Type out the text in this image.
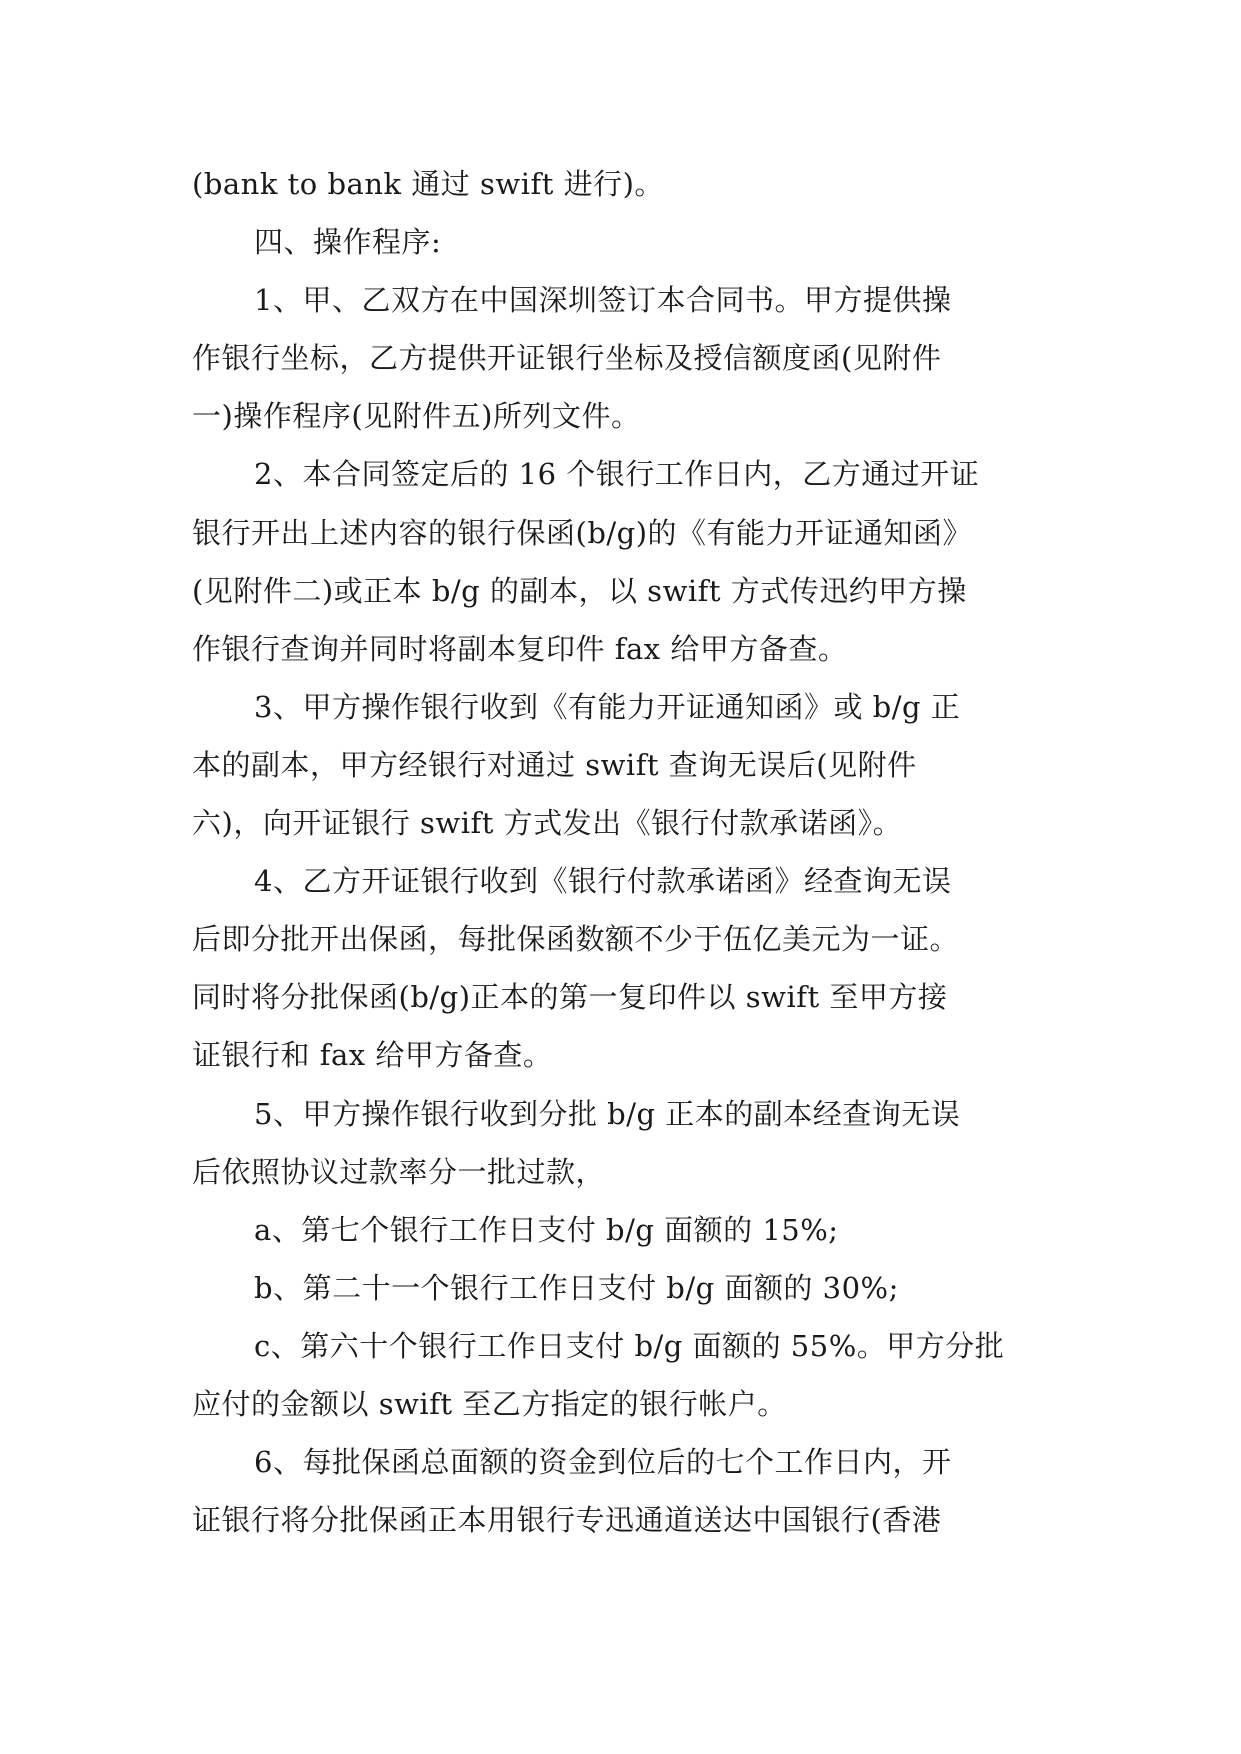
(bank to bank 通过 swift 进行)。
四、操作程序:
1、甲、乙双方在中国深圳签订本合同书。甲方提供操
作银行坐标，乙方提供开证银行坐标及授信额度函(见附件
一)操作程序(见附件五)所列文件。
2、本合同签定后的 16 个银行工作日内，乙方通过开证
银行开出上述内容的银行保函(b/g)的《有能力开证通知函》
(见附件二)或正本 b/g 的副本，以 swift 方式传迅约甲方操
作银行查询并同时将副本复印件 fax 给甲方备查。
3、甲方操作银行收到《有能力开证通知函》或 b/g 正
本的副本，甲方经银行对通过 swift 查询无误后(见附件
六)，向开证银行 swift 方式发出《银行付款承诺函》。
4、乙方开证银行收到《银行付款承诺函》经查询无误
后即分批开出保函，每批保函数额不少于伍亿美元为一证。
同时将分批保函(b/g)正本的第一复印件以 swift 至甲方接
证银行和 fax 给甲方备查。
5、甲方操作银行收到分批 b/g 正本的副本经查询无误
后依照协议过款率分一批过款，
a、第七个银行工作日支付 b/g 面额的 15%;
b、第二十一个银行工作日支付 b/g 面额的 30%;
c、第六十个银行工作日支付 b/g 面额的 55%。甲方分批
应付的金额以 swift 至乙方指定的银行帐户。
6、每批保函总面额的资金到位后的七个工作日内，开
证银行将分批保函正本用银行专迅通道送达中国银行(香港
